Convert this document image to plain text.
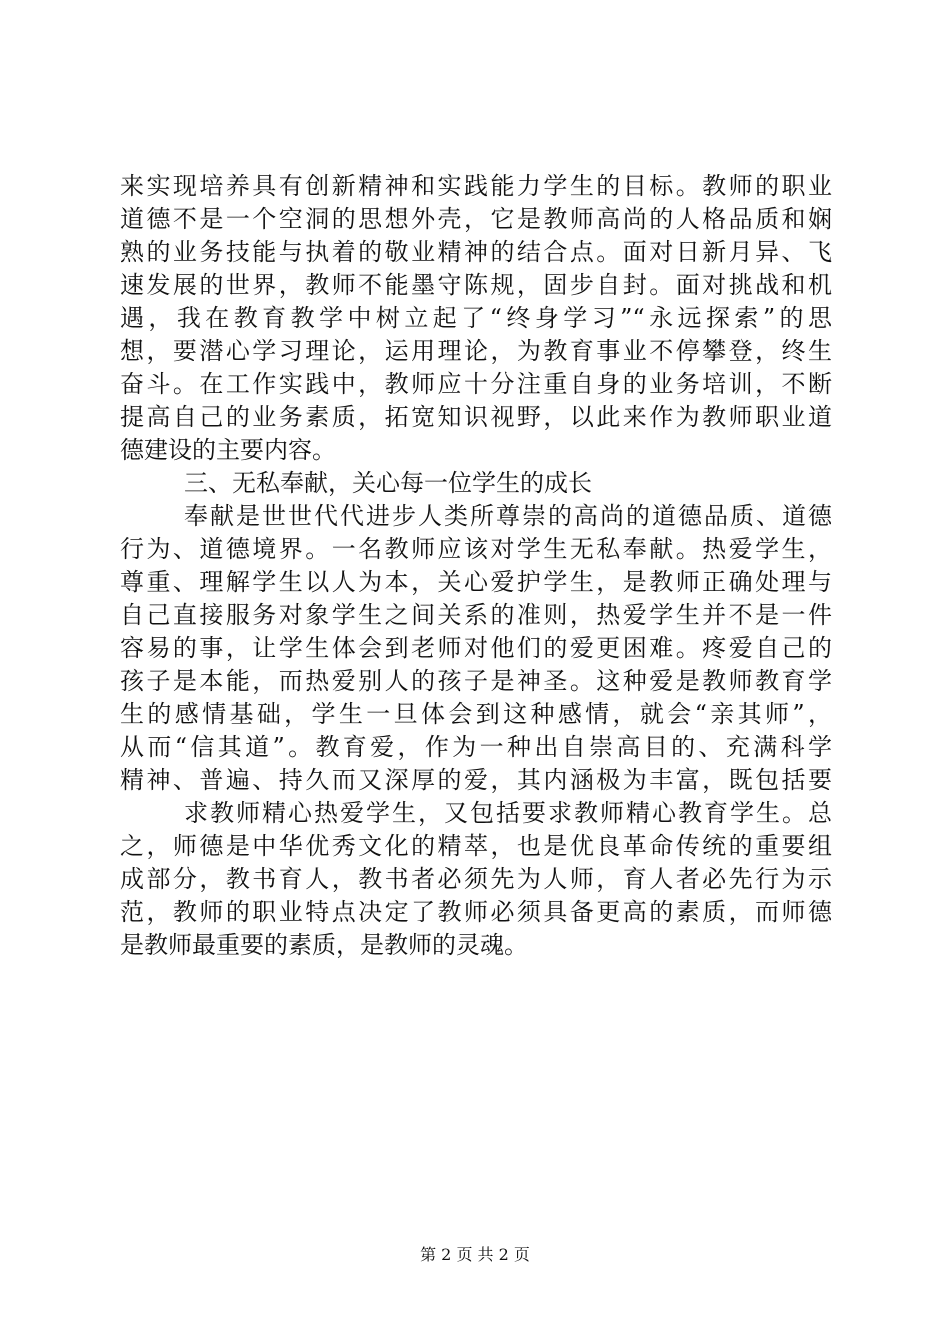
来实现培养具有创新精神和实践能力学生的目标。教师的职业
道德不是一个空洞的思想外壳，它是教师高尚的人格品质和娴
熟的业务技能与执着的敬业精神的结合点。面对日新月异、飞
速发展的世界，教师不能墨守陈规，固步自封。面对挑战和机
遇，我在教育教学中树立起了“终身学习”“永远探索”的思
想，要潜心学习理论，运用理论，为教育事业不停攀登，终生
奋斗。在工作实践中，教师应十分注重自身的业务培训，不断
提高自己的业务素质，拓宽知识视野，以此来作为教师职业道
德建设的主要内容。
三、无私奉献，关心每一位学生的成长
奉献是世世代代进步人类所尊崇的高尚的道德品质、道德
行为、道德境界。一名教师应该对学生无私奉献。热爱学生，
尊重、理解学生以人为本，关心爱护学生，是教师正确处理与
自己直接服务对象学生之间关系的准则，热爱学生并不是一件
容易的事，让学生体会到老师对他们的爱更困难。疼爱自己的
孩子是本能，而热爱别人的孩子是神圣。这种爱是教师教育学
生的感情基础，学生一旦体会到这种感情，就会“亲其师”，
从而“信其道”。教育爱，作为一种出自崇高目的、充满科学
精神、普遍、持久而又深厚的爱，其内涵极为丰富，既包括要
求教师精心热爱学生，又包括要求教师精心教育学生。总
之，师德是中华优秀文化的精萃，也是优良革命传统的重要组
成部分，教书育人，教书者必须先为人师，育人者必先行为示
范，教师的职业特点决定了教师必须具备更高的素质，而师德
是教师最重要的素质，是教师的灵魂。
第 2 页 共 2 页
